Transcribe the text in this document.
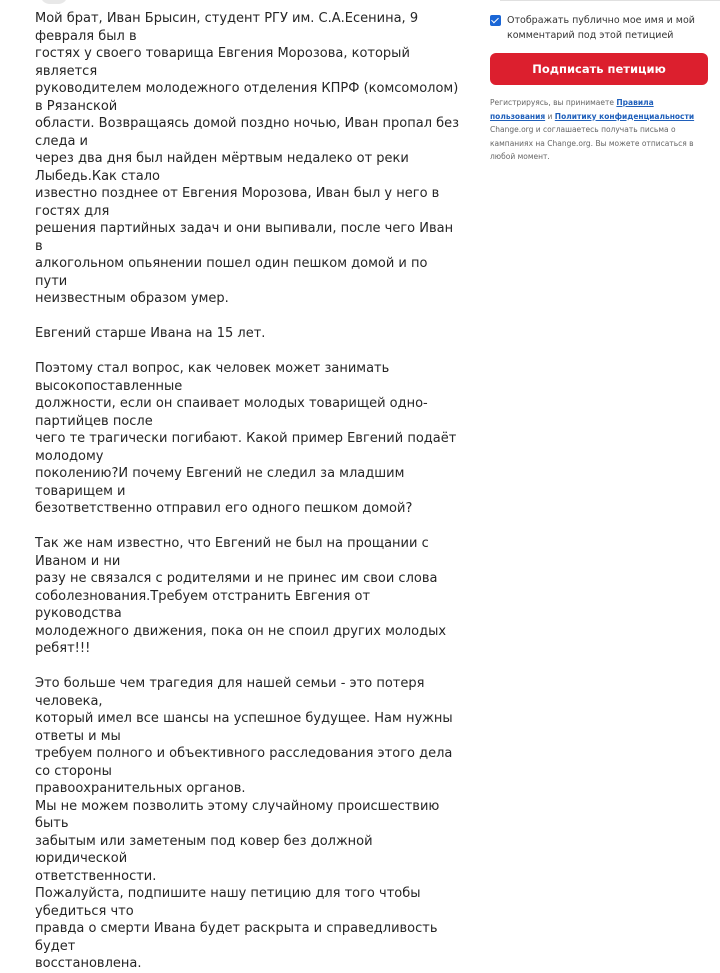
Мой брат, Иван Брысин, студент РГУ им. С.А.Есенина, 9 февраля был в
гостях у своего товарища Евгения Морозова, который является
руководителем молодежного отделения КПРФ (комсомолом) в Рязанской
области. Возвращаясь домой поздно ночью, Иван пропал без следа и
через два дня был найден мёртвым недалеко от реки Лыбедь.Как стало
известно позднее от Евгения Морозова, Иван был у него в гостях для
решения партийных задач и они выпивали, после чего Иван в
алкогольном опьянении пошел один пешком домой и по пути
неизвестным образом умер.

Евгений старше Ивана на 15 лет.

Поэтому стал вопрос, как человек может занимать высокопоставленные
должности, если он спаивает молодых товарищей одно-партийцев после
чего те трагически погибают. Какой пример Евгений подаёт молодому
поколению?И почему Евгений не следил за младшим товарищем и
безответственно отправил его одного пешком домой?

Так же нам известно, что Евгений не был на прощании с Иваном и ни
разу не связался с родителями и не принес им свои слова
соболезнования.Требуем отстранить Евгения от руководства
молодежного движения, пока он не споил других молодых ребят!!!

Это больше чем трагедия для нашей семьи - это потеря человека,
который имел все шансы на успешное будущее. Нам нужны ответы и мы
требуем полного и объективного расследования этого дела со стороны
правоохранительных органов.

Мы не можем позволить этому случайному происшествию быть
забытым или заметеным под ковер без должной юридической
ответственности.

Пожалуйста, подпишите нашу петицию для того чтобы убедиться что
правда о смерти Ивана будет раскрыта и справедливость будет
восстановлена.

Отображать публично мое имя и мой комментарий под этой петицией
Подписать петицию
Регистрируясь, вы принимаете Правила пользования и Политику конфиденциальности Change.org и соглашаетесь получать письма о кампаниях на Change.org. Вы можете отписаться в любой момент.
